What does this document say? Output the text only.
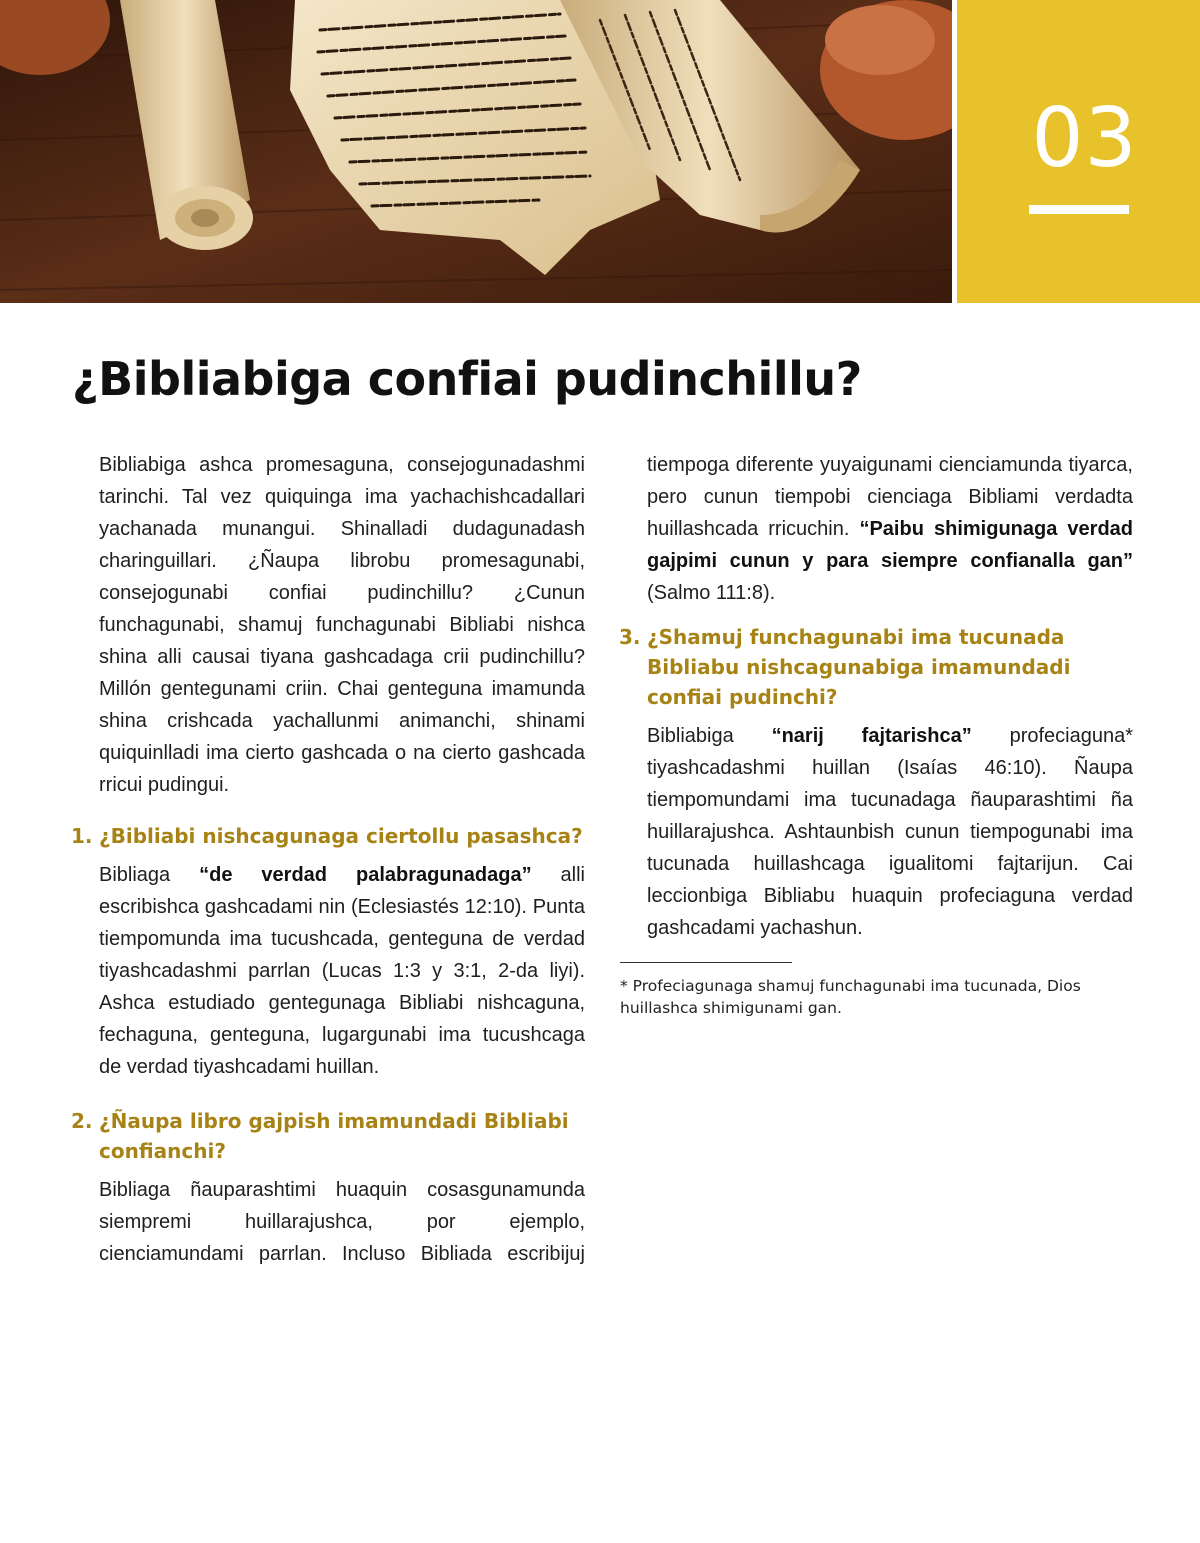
03
¿Bibliabiga confiai pudinchillu?

Bibliabiga ashca promesaguna, consejogunadashmi tarinchi. Tal vez quiquinga ima yachachishcadallari yachanada munangui. Shinalladi dudagunadash charinguillari. ¿Ñaupa librobu promesagunabi, consejogunabi confiai pudinchillu? ¿Cunun funchagunabi, shamuj funchagunabi Bibliabi nishca shina alli causai tiyana gashcadaga crii pudinchillu? Millón gentegunami criin. Chai genteguna imamunda shina crishcada yachallunmi animanchi, shinami quiquinlladi ima cierto gashcada o na cierto gashcada rricui pudingui.

1. ¿Bibliabi nishcagunaga ciertollu pasashca?

Bibliaga “de verdad palabragunadaga” alli escribishca gashcadami nin (Eclesiastés 12:10). Punta tiempomunda ima tucushcada, genteguna de verdad tiyashcadashmi parrlan (Lucas 1:3 y 3:1, 2-da liyi). Ashca estudiado gentegunaga Bibliabi nishcaguna, fechaguna, genteguna, lugargunabi ima tucushcaga de verdad tiyashcadami huillan.

2. ¿Ñaupa libro gajpish imamundadi Bibliabi confianchi?

Bibliaga ñauparashtimi huaquin cosasgunamunda siempremi huillarajushca, por ejemplo, cienciamundami parrlan. Incluso Bibliada escribijuj

tiempoga diferente yuyaigunami cienciamunda tiyarca, pero cunun tiempobi cienciaga Bibliami verdadta huillashcada rricuchin. “Paibu shimigunaga verdad gajpimi cunun y para siempre confianalla gan” (Salmo 111:8).

3. ¿Shamuj funchagunabi ima tucunada Bibliabu nishcagunabiga imamundadi confiai pudinchi?

Bibliabiga “narij fajtarishca” profeciaguna* tiyashcadashmi huillan (Isaías 46:10). Ñaupa tiempomundami ima tucunadaga ñauparashtimi ña huillarajushca. Ashtaunbish cunun tiempogunabi ima tucunada huillashcaga igualitomi fajtarijun. Cai leccionbiga Bibliabu huaquin profeciaguna verdad gashcadami yachashun.

* Profeciagunaga shamuj funchagunabi ima tucunada, Dios huillashca shimigunami gan.
